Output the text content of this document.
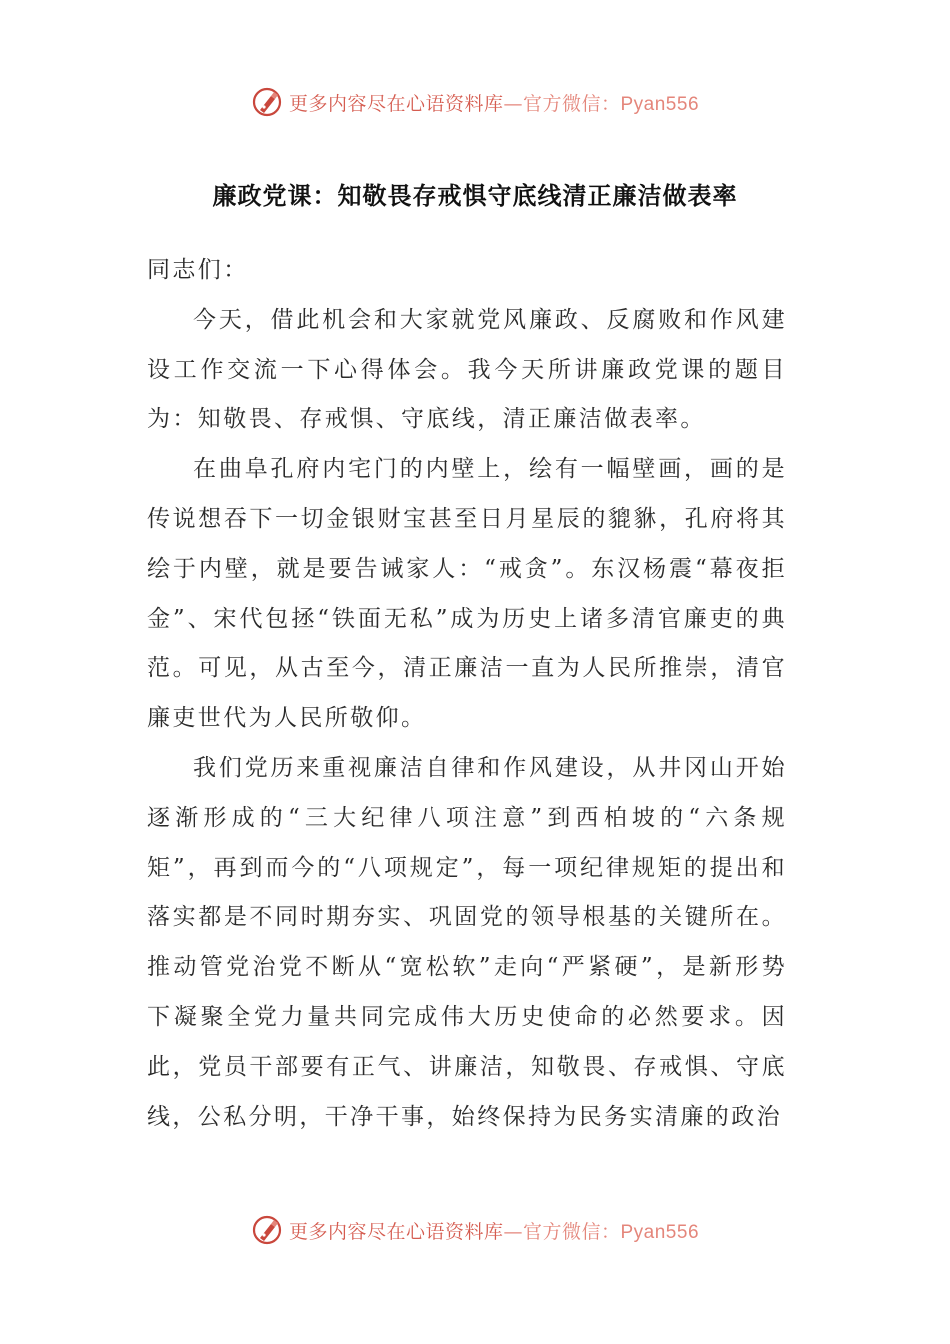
更多内容尽在心语资料库—官方微信：Pyan556
廉政党课：知敬畏存戒惧守底线清正廉洁做表率

同志们：

今天，借此机会和大家就党风廉政、反腐败和作风建设工作交流一下心得体会。我今天所讲廉政党课的题目为：知敬畏、存戒惧、守底线，清正廉洁做表率。

在曲阜孔府内宅门的内壁上，绘有一幅壁画，画的是传说想吞下一切金银财宝甚至日月星辰的貔貅，孔府将其绘于内壁，就是要告诫家人：“戒贪”。东汉杨震“幕夜拒金”、宋代包拯“铁面无私”成为历史上诸多清官廉吏的典范。可见，从古至今，清正廉洁一直为人民所推崇，清官廉吏世代为人民所敬仰。

我们党历来重视廉洁自律和作风建设，从井冈山开始逐渐形成的“三大纪律八项注意”到西柏坡的“六条规矩”，再到而今的“八项规定”，每一项纪律规矩的提出和落实都是不同时期夯实、巩固党的领导根基的关键所在。推动管党治党不断从“宽松软”走向“严紧硬”，是新形势下凝聚全党力量共同完成伟大历史使命的必然要求。因此，党员干部要有正气、讲廉洁，知敬畏、存戒惧、守底线，公私分明，干净干事，始终保持为民务实清廉的政治

更多内容尽在心语资料库—官方微信：Pyan556
